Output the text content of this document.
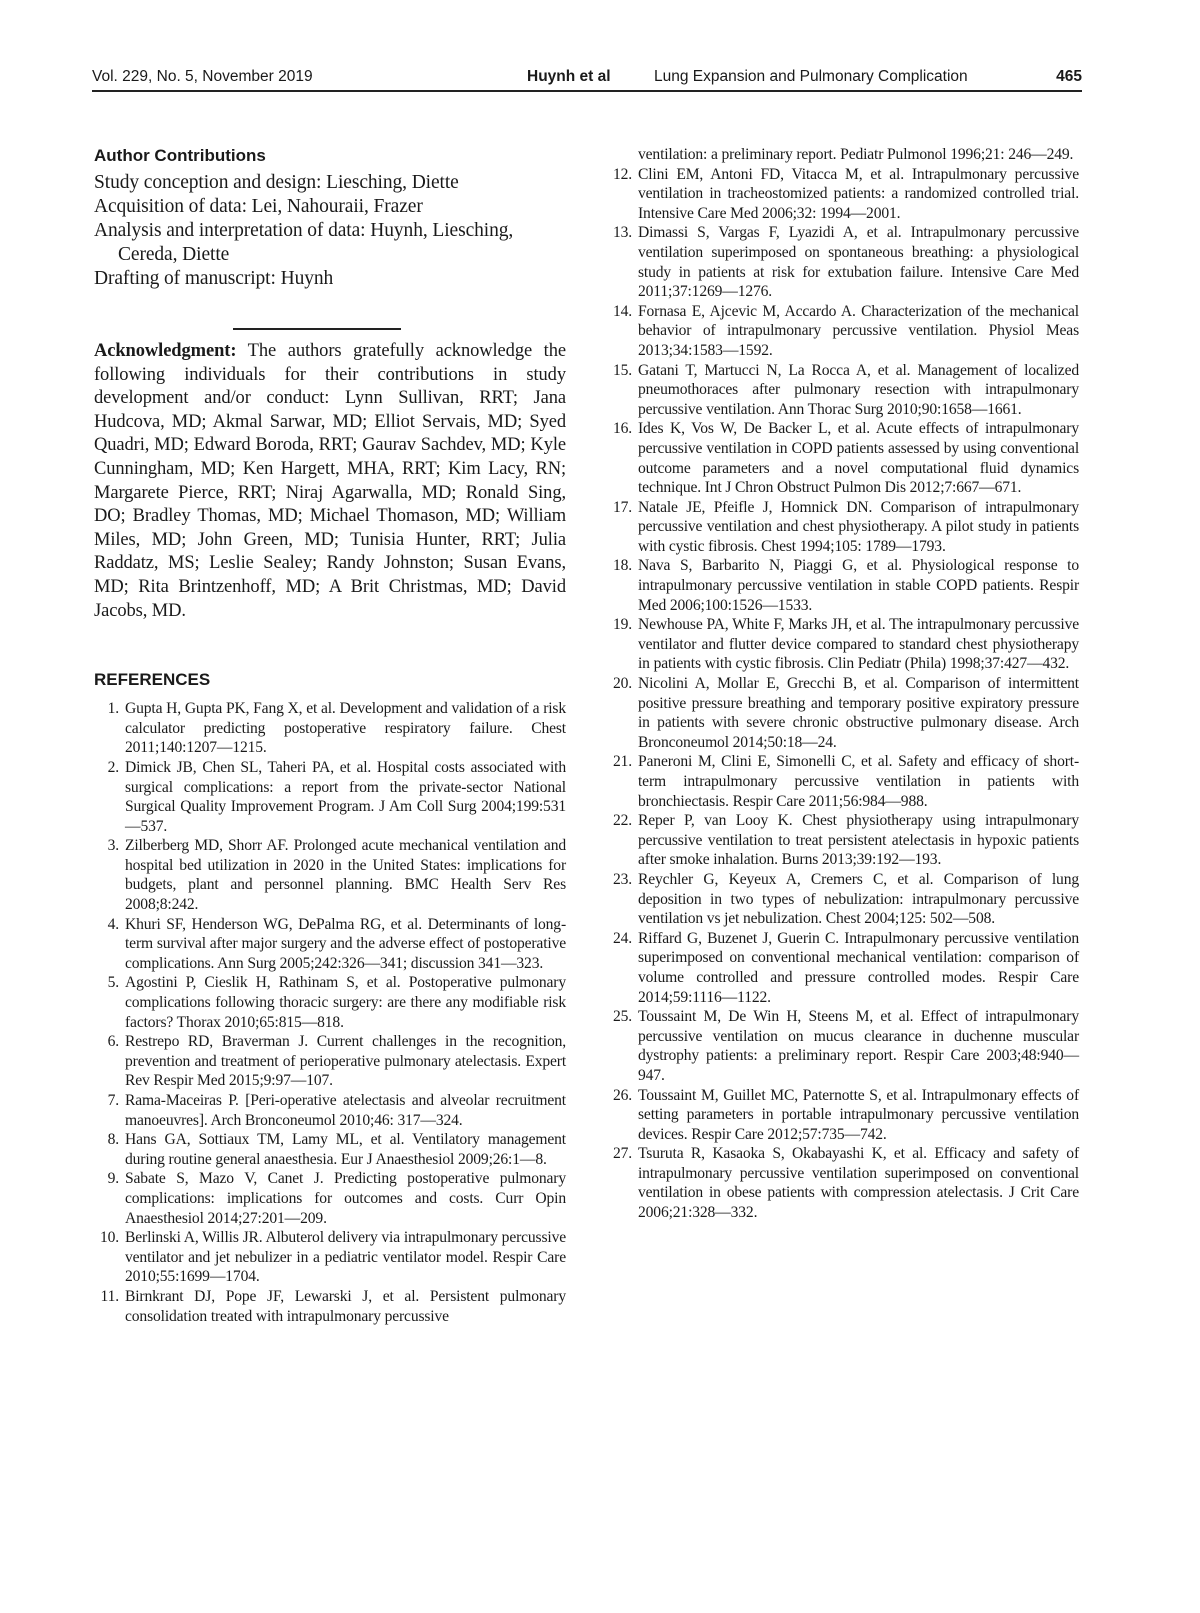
Vol. 229, No. 5, November 2019	Huynh et al	Lung Expansion and Pulmonary Complication	465
Author Contributions
Study conception and design: Liesching, Diette
Acquisition of data: Lei, Nahouraii, Frazer
Analysis and interpretation of data: Huynh, Liesching, Cereda, Diette
Drafting of manuscript: Huynh
Acknowledgment: The authors gratefully acknowledge the following individuals for their contributions in study development and/or conduct: Lynn Sullivan, RRT; Jana Hudcova, MD; Akmal Sarwar, MD; Elliot Servais, MD; Syed Quadri, MD; Edward Boroda, RRT; Gaurav Sachdev, MD; Kyle Cunningham, MD; Ken Hargett, MHA, RRT; Kim Lacy, RN; Margarete Pierce, RRT; Niraj Agarwalla, MD; Ronald Sing, DO; Bradley Thomas, MD; Michael Thomason, MD; William Miles, MD; John Green, MD; Tunisia Hunter, RRT; Julia Raddatz, MS; Leslie Sealey; Randy Johnston; Susan Evans, MD; Rita Brintzenhoff, MD; A Brit Christmas, MD; David Jacobs, MD.
REFERENCES
1. Gupta H, Gupta PK, Fang X, et al. Development and validation of a risk calculator predicting postoperative respiratory failure. Chest 2011;140:1207—1215.
2. Dimick JB, Chen SL, Taheri PA, et al. Hospital costs associated with surgical complications: a report from the private-sector National Surgical Quality Improvement Program. J Am Coll Surg 2004;199:531—537.
3. Zilberberg MD, Shorr AF. Prolonged acute mechanical ventilation and hospital bed utilization in 2020 in the United States: implications for budgets, plant and personnel planning. BMC Health Serv Res 2008;8:242.
4. Khuri SF, Henderson WG, DePalma RG, et al. Determinants of long-term survival after major surgery and the adverse effect of postoperative complications. Ann Surg 2005;242:326—341; discussion 341—323.
5. Agostini P, Cieslik H, Rathinam S, et al. Postoperative pulmonary complications following thoracic surgery: are there any modifiable risk factors? Thorax 2010;65:815—818.
6. Restrepo RD, Braverman J. Current challenges in the recognition, prevention and treatment of perioperative pulmonary atelectasis. Expert Rev Respir Med 2015;9:97—107.
7. Rama-Maceiras P. [Peri-operative atelectasis and alveolar recruitment manoeuvres]. Arch Bronconeumol 2010;46: 317—324.
8. Hans GA, Sottiaux TM, Lamy ML, et al. Ventilatory management during routine general anaesthesia. Eur J Anaesthesiol 2009;26:1—8.
9. Sabate S, Mazo V, Canet J. Predicting postoperative pulmonary complications: implications for outcomes and costs. Curr Opin Anaesthesiol 2014;27:201—209.
10. Berlinski A, Willis JR. Albuterol delivery via intrapulmonary percussive ventilator and jet nebulizer in a pediatric ventilator model. Respir Care 2010;55:1699—1704.
11. Birnkrant DJ, Pope JF, Lewarski J, et al. Persistent pulmonary consolidation treated with intrapulmonary percussive
ventilation: a preliminary report. Pediatr Pulmonol 1996;21: 246—249.
12. Clini EM, Antoni FD, Vitacca M, et al. Intrapulmonary percussive ventilation in tracheostomized patients: a randomized controlled trial. Intensive Care Med 2006;32: 1994—2001.
13. Dimassi S, Vargas F, Lyazidi A, et al. Intrapulmonary percussive ventilation superimposed on spontaneous breathing: a physiological study in patients at risk for extubation failure. Intensive Care Med 2011;37:1269—1276.
14. Fornasa E, Ajcevic M, Accardo A. Characterization of the mechanical behavior of intrapulmonary percussive ventilation. Physiol Meas 2013;34:1583—1592.
15. Gatani T, Martucci N, La Rocca A, et al. Management of localized pneumothoraces after pulmonary resection with intrapulmonary percussive ventilation. Ann Thorac Surg 2010;90:1658—1661.
16. Ides K, Vos W, De Backer L, et al. Acute effects of intrapulmonary percussive ventilation in COPD patients assessed by using conventional outcome parameters and a novel computational fluid dynamics technique. Int J Chron Obstruct Pulmon Dis 2012;7:667—671.
17. Natale JE, Pfeifle J, Homnick DN. Comparison of intrapulmonary percussive ventilation and chest physiotherapy. A pilot study in patients with cystic fibrosis. Chest 1994;105: 1789—1793.
18. Nava S, Barbarito N, Piaggi G, et al. Physiological response to intrapulmonary percussive ventilation in stable COPD patients. Respir Med 2006;100:1526—1533.
19. Newhouse PA, White F, Marks JH, et al. The intrapulmonary percussive ventilator and flutter device compared to standard chest physiotherapy in patients with cystic fibrosis. Clin Pediatr (Phila) 1998;37:427—432.
20. Nicolini A, Mollar E, Grecchi B, et al. Comparison of intermittent positive pressure breathing and temporary positive expiratory pressure in patients with severe chronic obstructive pulmonary disease. Arch Bronconeumol 2014;50:18—24.
21. Paneroni M, Clini E, Simonelli C, et al. Safety and efficacy of short-term intrapulmonary percussive ventilation in patients with bronchiectasis. Respir Care 2011;56:984—988.
22. Reper P, van Looy K. Chest physiotherapy using intrapulmonary percussive ventilation to treat persistent atelectasis in hypoxic patients after smoke inhalation. Burns 2013;39:192—193.
23. Reychler G, Keyeux A, Cremers C, et al. Comparison of lung deposition in two types of nebulization: intrapulmonary percussive ventilation vs jet nebulization. Chest 2004;125: 502—508.
24. Riffard G, Buzenet J, Guerin C. Intrapulmonary percussive ventilation superimposed on conventional mechanical ventilation: comparison of volume controlled and pressure controlled modes. Respir Care 2014;59:1116—1122.
25. Toussaint M, De Win H, Steens M, et al. Effect of intrapulmonary percussive ventilation on mucus clearance in duchenne muscular dystrophy patients: a preliminary report. Respir Care 2003;48:940—947.
26. Toussaint M, Guillet MC, Paternotte S, et al. Intrapulmonary effects of setting parameters in portable intrapulmonary percussive ventilation devices. Respir Care 2012;57:735—742.
27. Tsuruta R, Kasaoka S, Okabayashi K, et al. Efficacy and safety of intrapulmonary percussive ventilation superimposed on conventional ventilation in obese patients with compression atelectasis. J Crit Care 2006;21:328—332.
